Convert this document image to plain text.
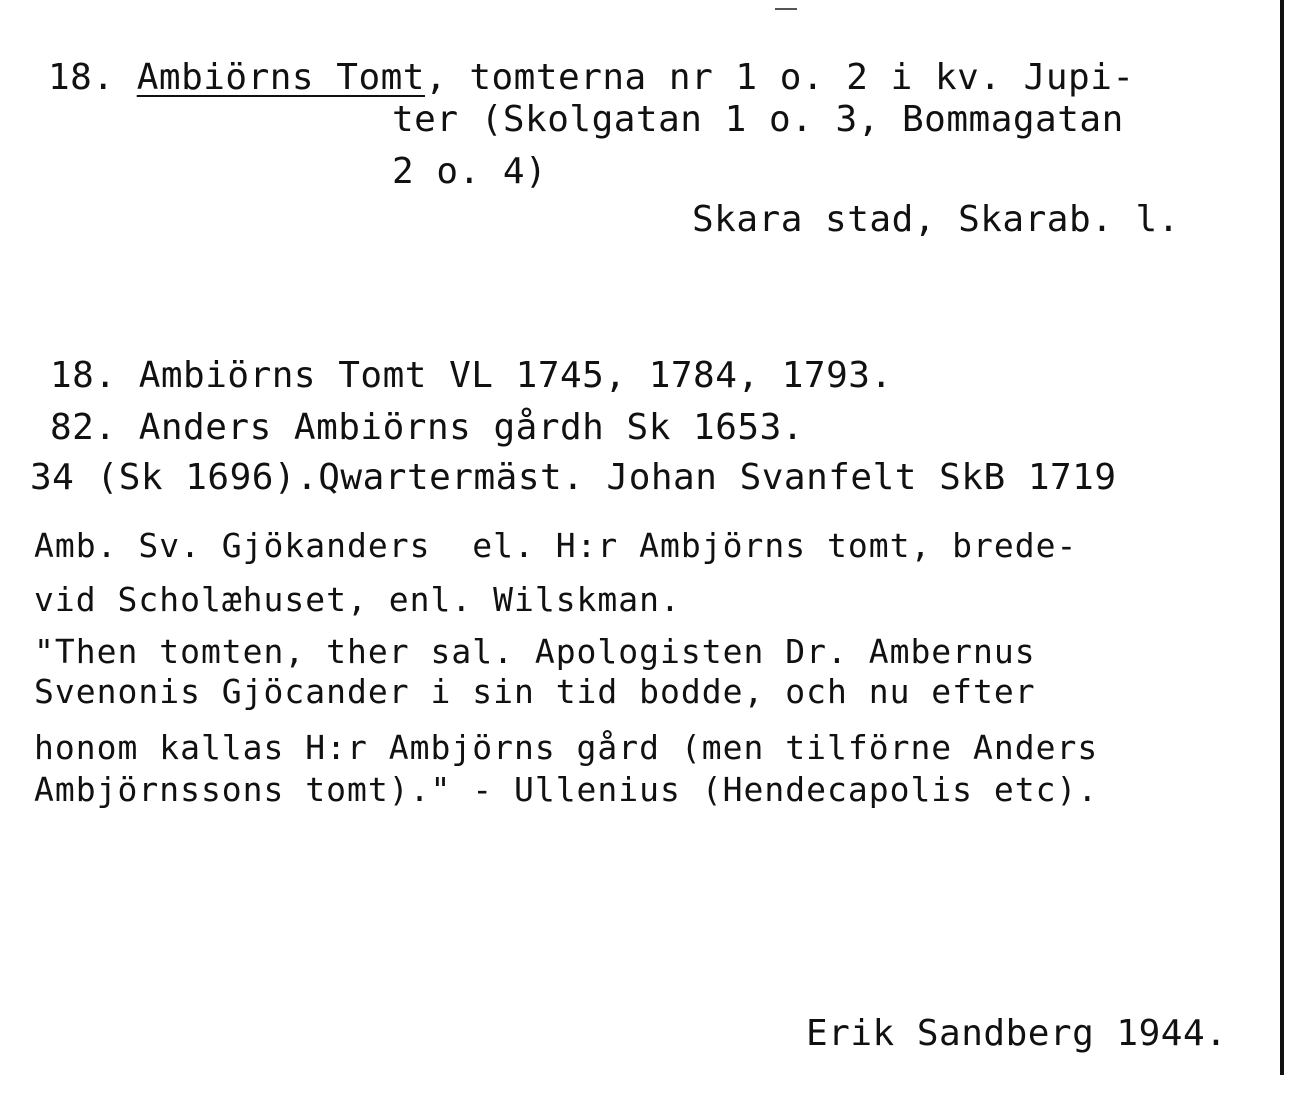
18. Ambiörns Tomt, tomterna nr 1 o. 2 i kv. Jupi-
ter (Skolgatan 1 o. 3, Bommagatan
2 o. 4)
Skara stad, Skarab. l.
18. Ambiörns Tomt VL 1745, 1784, 1793.
82. Anders Ambiörns gårdh Sk 1653.
34 (Sk 1696).Qwartermäst. Johan Svanfelt SkB 1719
Amb. Sv. Gjökanders  el. H:r Ambjörns tomt, brede-
vid Scholæhuset, enl. Wilskman.
"Then tomten, ther sal. Apologisten Dr. Ambernus
Svenonis Gjöcander i sin tid bodde, och nu efter
honom kallas H:r Ambjörns gård (men tilförne Anders
Ambjörnssons tomt)." - Ullenius (Hendecapolis etc).
Erik Sandberg 1944.
